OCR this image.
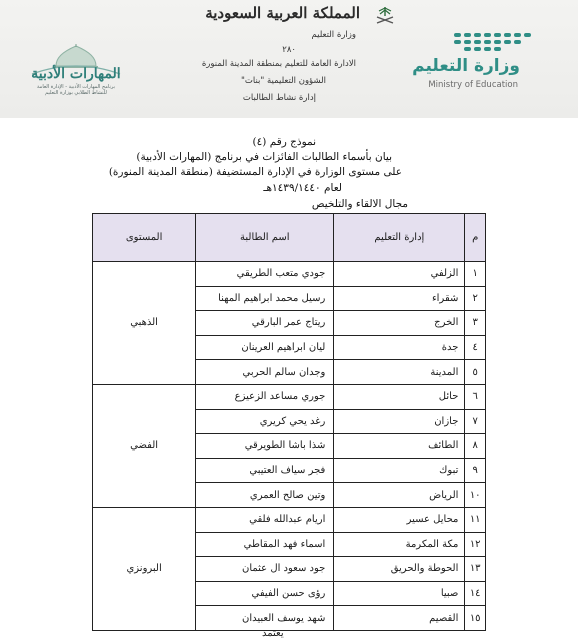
المملكة العربية السعودية
وزارة التعليم
٢٨٠
الادارة العامة للتعليم بمنطقة المدينة المنورة
الشؤون التعليمية "بنات"
إدارة نشاط الطالبات
المهارات الأدبية
برنامج المهارات الأدبية - الإدارة العامة للنشاط الطلابي بوزارة التعليم
وزارة التعليم
Ministry of Education
نموذج رقم (٤)
بيان بأسماء الطالبات الفائزات في برنامج (المهارات الأدبية)
على مستوى الوزارة في الإدارة المستضيفة (منطقة المدينة المنورة)
لعام ١٤٣٩/١٤٤٠هـ
مجال الالقاء والتلخيص
م	إدارة التعليم	اسم الطالبة	المستوى
١	الزلفي	جودي متعب الطريقي	الذهبي
٢	شقراء	رسيل محمد ابراهيم المهنا	
٣	الخرج	ريتاج عمر البارقي	
٤	جدة	ليان ابراهيم العرينان	
٥	المدينة	وجدان سالم الحربي	
٦	حائل	جوري مساعد الزعيزع	الفضي
٧	جازان	رغد يحي كريري	
٨	الطائف	شذا باشا الطويرقي	
٩	تبوك	فجر سياف العتيبي	
١٠	الرياض	وتين صالح العمري	
١١	محايل عسير	اريام عبدالله فلقي	البرونزي
١٢	مكة المكرمة	اسماء فهد المقاطي	
١٣	الحوطة والحريق	جود سعود ال عثمان	
١٤	صبيا	رؤى حسن الفيفي	
١٥	القصيم	شهد يوسف العبيدان	
يعتمد
